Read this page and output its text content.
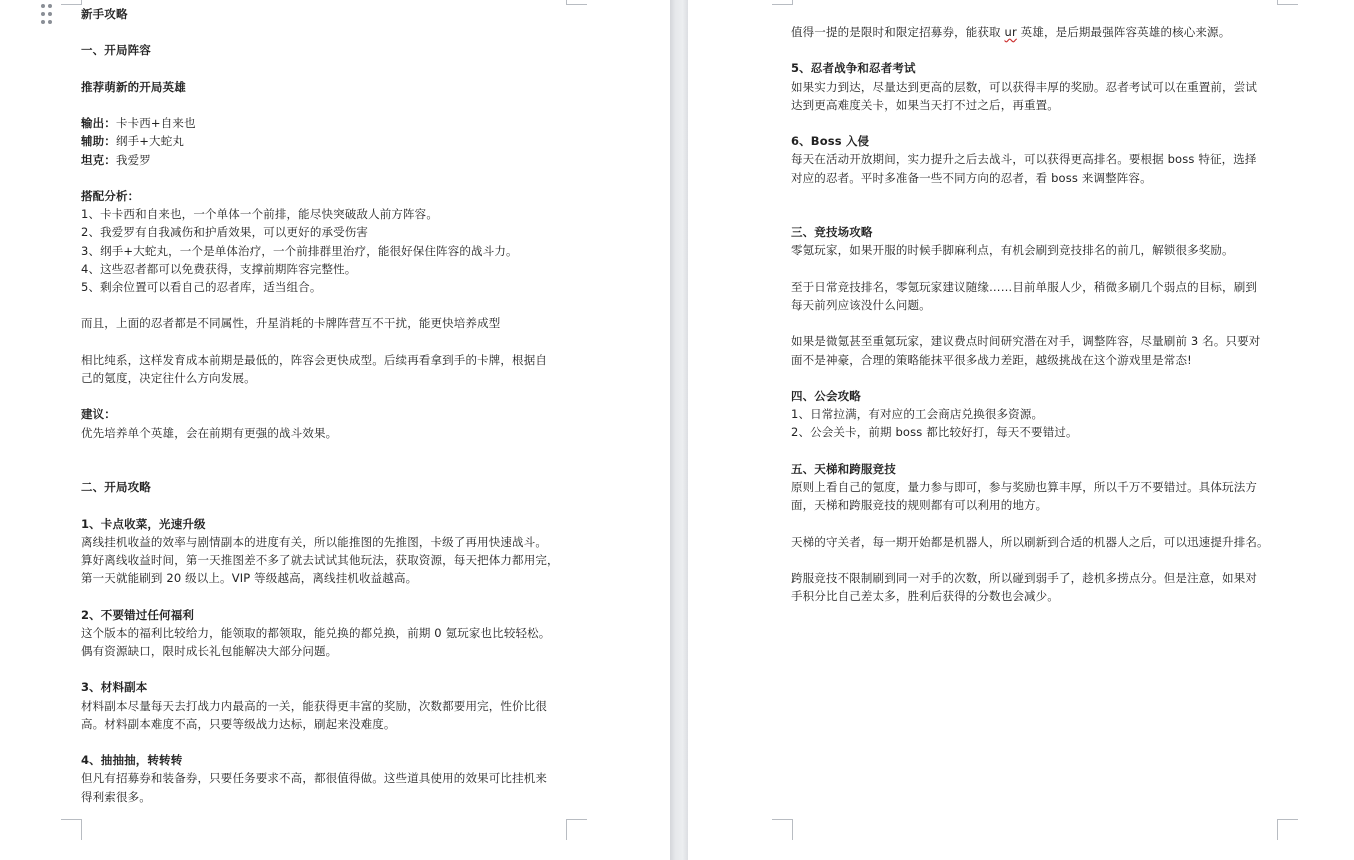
新手攻略

一、开局阵容

推荐萌新的开局英雄

输出：卡卡西+自来也

辅助：纲手+大蛇丸

坦克：我爱罗

搭配分析：

1、卡卡西和自来也，一个单体一个前排，能尽快突破敌人前方阵容。

2、我爱罗有自我减伤和护盾效果，可以更好的承受伤害

3、纲手+大蛇丸，一个是单体治疗，一个前排群里治疗，能很好保住阵容的战斗力。

4、这些忍者都可以免费获得，支撑前期阵容完整性。

5、剩余位置可以看自己的忍者库，适当组合。

而且，上面的忍者都是不同属性，升星消耗的卡牌阵营互不干扰，能更快培养成型

相比纯系，这样发育成本前期是最低的，阵容会更快成型。后续再看拿到手的卡牌，根据自

己的氪度，决定往什么方向发展。

建议：

优先培养单个英雄，会在前期有更强的战斗效果。

二、开局攻略

1、卡点收菜，光速升级

离线挂机收益的效率与剧情副本的进度有关，所以能推图的先推图，卡级了再用快速战斗。

算好离线收益时间，第一天推图差不多了就去试试其他玩法，获取资源，每天把体力都用完，

第一天就能刷到 20 级以上。VIP 等级越高，离线挂机收益越高。

2、不要错过任何福利

这个版本的福利比较给力，能领取的都领取，能兑换的都兑换，前期 0 氪玩家也比较轻松。

偶有资源缺口，限时成长礼包能解决大部分问题。

3、材料副本

材料副本尽量每天去打战力内最高的一关，能获得更丰富的奖励，次数都要用完，性价比很

高。材料副本难度不高，只要等级战力达标，刷起来没难度。

4、抽抽抽，转转转

但凡有招募券和装备券，只要任务要求不高，都很值得做。这些道具使用的效果可比挂机来

得利索很多。

值得一提的是限时和限定招募券，能获取 ur 英雄，是后期最强阵容英雄的核心来源。

5、忍者战争和忍者考试

如果实力到达，尽量达到更高的层数，可以获得丰厚的奖励。忍者考试可以在重置前，尝试

达到更高难度关卡，如果当天打不过之后，再重置。

6、Boss 入侵

每天在活动开放期间，实力提升之后去战斗，可以获得更高排名。要根据 boss 特征，选择

对应的忍者。平时多准备一些不同方向的忍者，看 boss 来调整阵容。

三、竞技场攻略

零氪玩家，如果开服的时候手脚麻利点，有机会刷到竞技排名的前几，解锁很多奖励。

至于日常竞技排名，零氪玩家建议随缘……目前单服人少，稍微多刷几个弱点的目标，刷到

每天前列应该没什么问题。

如果是微氪甚至重氪玩家，建议费点时间研究潜在对手，调整阵容，尽量刷前 3 名。只要对

面不是神豪，合理的策略能抹平很多战力差距，越级挑战在这个游戏里是常态!

四、公会攻略

1、日常拉满，有对应的工会商店兑换很多资源。

2、公会关卡，前期 boss 都比较好打，每天不要错过。

五、天梯和跨服竞技

原则上看自己的氪度，量力参与即可，参与奖励也算丰厚，所以千万不要错过。具体玩法方

面，天梯和跨服竞技的规则都有可以利用的地方。

天梯的守关者，每一期开始都是机器人，所以刷新到合适的机器人之后，可以迅速提升排名。

跨服竞技不限制刷到同一对手的次数，所以碰到弱手了，趁机多捞点分。但是注意，如果对

手积分比自己差太多，胜利后获得的分数也会减少。
